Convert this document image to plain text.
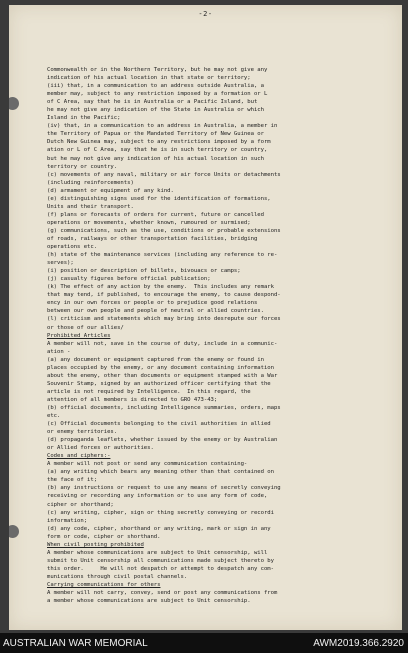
-2-
Commonwealth or in the Northern Territory, but he may not give any
indication of his actual location in that state or territory;
(iii) that, in a communication to an address outside Australia, a
member may, subject to any restriction imposed by a formation or L
of C Area, say that he is in Australia or a Pacific Island, but
he may not give any indication of the State in Australia or which
Island in the Pacific;
(iv) that, in a communication to an address in Australia, a member in
the Territory of Papua or the Mandated Territory of New Guinea or
Dutch New Guinea may, subject to any restrictions imposed by a form
ation or L of C Area, say that he is in such territory or country,
but he may not give any indication of his actual location in such
territory or country.
(c) movements of any naval, military or air force Units or detachments
(including reinforcements)
(d) armament or equipment of any kind.
(e) distinguishing signs used for the identification of formations,
Units and their transport.
(f) plans or forecasts of orders for current, future or cancelled
operations or movements, whether known, rumoured or surmised;
(g) communications, such as the use, conditions or probable extensions
of roads, railways or other transportation facilities, bridging
operations etc.
(h) state of the maintenance services (including any reference to re-
serves);
(i) position or description of billets, bivouacs or camps;
(j) casualty figures before official publication;
(k) The effect of any action by the enemy.  This includes any remark
that may tend, if published, to encourage the enemy, to cause despond-
ency in our own forces or people or to prejudice good relations
between our own people and people of neutral or allied countries.
(l) criticism and statements which may bring into desrepute our forces
or those of our allies/
Prohibited Articles
A member will not, save in the course of duty, include in a communic-
ation -
(a) any document or equipment captured from the enemy or found in
places occupied by the enemy, or any document containing information
about the enemy, other than documents or equipment stamped with a War
Souvenir Stamp, signed by an authorized officer certifying that the
article is not required by Intelligence.  In this regard, the
attention of all members is directed to GRO 473-43;
(b) official documents, including Intelligence summaries, orders, maps
etc.
(c) Official documents belonging to the civil authorities in allied
or enemy territories.
(d) propaganda leaflets, whether issued by the enemy or by Australian
or Allied forces or authorities.
Codes and ciphers:-
A member will not post or send any communication containing-
(a) any writing which bears any meaning other than that contained on
the face of it;
(b) any instructions or request to use any means of secretly conveying
receiving or recording any information or to use any form of code,
cipher or shorthand;
(c) any writing, cipher, sign or thing secretly conveying or recordi
information;
(d) any code, cipher, shorthand or any writing, mark or sign in any
form or code, cipher or shorthand.
When civil posting prohibited
A member whose communications are subject to Unit censorship, will
submit to Unit censorship all communications made subject thereto by
this order.     He will not despatch or attempt to despatch any com-
munications through civil postal channels.
Carrying communications for others
A member will not carry, convey, send or post any communications from
a member whose communications are subject to Unit censorship.
AUSTRALIAN WAR MEMORIAL	AWM2019.366.2920
